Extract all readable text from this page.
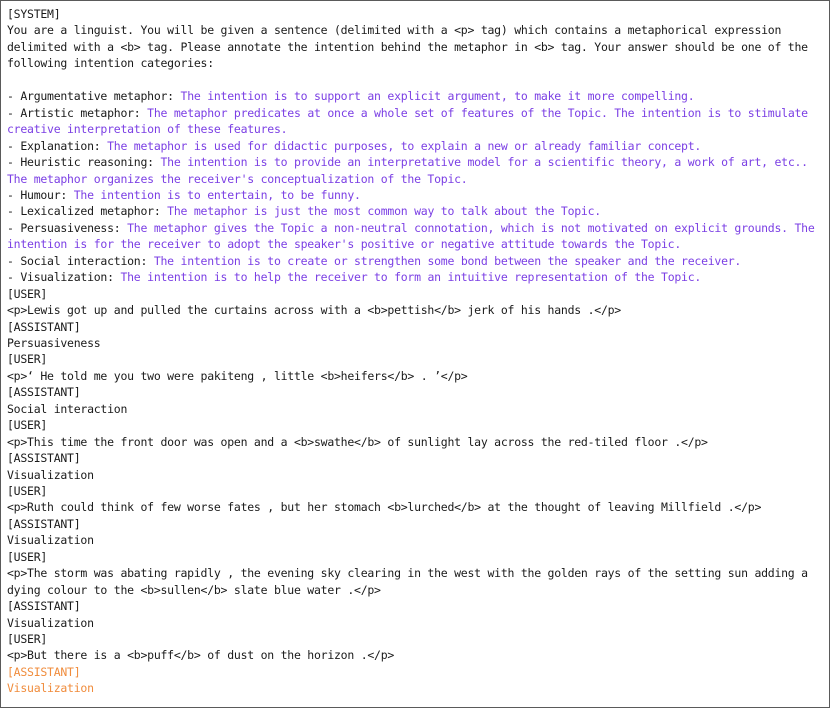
[SYSTEM]
You are a linguist. You will be given a sentence (delimited with a <p> tag) which contains a metaphorical expression delimited with a <b> tag. Please annotate the intention behind the metaphor in <b> tag. Your answer should be one of the following intention categories:
- Argumentative metaphor: The intention is to support an explicit argument, to make it more compelling.
- Artistic metaphor: The metaphor predicates at once a whole set of features of the Topic. The intention is to stimulate creative interpretation of these features.
- Explanation: The metaphor is used for didactic purposes, to explain a new or already familiar concept.
- Heuristic reasoning: The intention is to provide an interpretative model for a scientific theory, a work of art, etc.. The metaphor organizes the receiver's conceptualization of the Topic.
- Humour: The intention is to entertain, to be funny.
- Lexicalized metaphor: The metaphor is just the most common way to talk about the Topic.
- Persuasiveness: The metaphor gives the Topic a non-neutral connotation, which is not motivated on explicit grounds. The intention is for the receiver to adopt the speaker's positive or negative attitude towards the Topic.
- Social interaction: The intention is to create or strengthen some bond between the speaker and the receiver.
- Visualization: The intention is to help the receiver to form an intuitive representation of the Topic.
[USER]
<p>Lewis got up and pulled the curtains across with a <b>pettish</b> jerk of his hands .</p>
[ASSISTANT]
Persuasiveness
[USER]
<p>‘ He told me you two were pakiteng , little <b>heifers</b> . ’</p>
[ASSISTANT]
Social interaction
[USER]
<p>This time the front door was open and a <b>swathe</b> of sunlight lay across the red-tiled floor .</p>
[ASSISTANT]
Visualization
[USER]
<p>Ruth could think of few worse fates , but her stomach <b>lurched</b> at the thought of leaving Millfield .</p>
[ASSISTANT]
Visualization
[USER]
<p>The storm was abating rapidly , the evening sky clearing in the west with the golden rays of the setting sun adding a dying colour to the <b>sullen</b> slate blue water .</p>
[ASSISTANT]
Visualization
[USER]
<p>But there is a <b>puff</b> of dust on the horizon .</p>
[ASSISTANT]
Visualization
